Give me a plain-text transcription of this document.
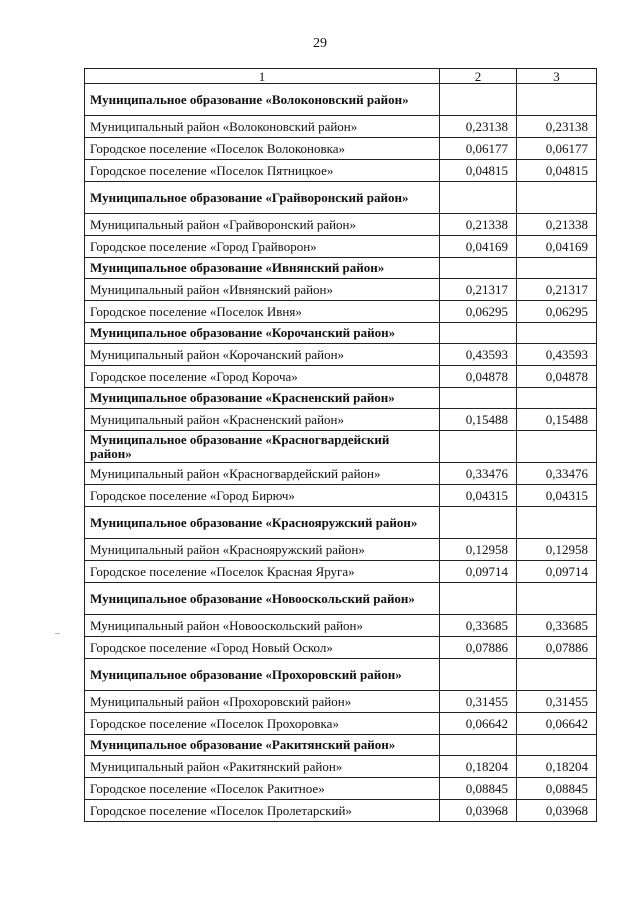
29
–
1	2	3
Муниципальное образование «Волоконовский район»		
Муниципальный район «Волоконовский район»	0,23138	0,23138
Городское поселение «Поселок Волоконовка»	0,06177	0,06177
Городское поселение «Поселок Пятницкое»	0,04815	0,04815
Муниципальное образование «Грайворонский район»		
Муниципальный район «Грайворонский район»	0,21338	0,21338
Городское поселение «Город Грайворон»	0,04169	0,04169
Муниципальное образование «Ивнянский район»		
Муниципальный район «Ивнянский район»	0,21317	0,21317
Городское поселение «Поселок Ивня»	0,06295	0,06295
Муниципальное образование «Корочанский район»		
Муниципальный район «Корочанский район»	0,43593	0,43593
Городское поселение «Город Короча»	0,04878	0,04878
Муниципальное образование «Красненский район»		
Муниципальный район «Красненский район»	0,15488	0,15488
Муниципальное образование «Красногвардейский район»		
Муниципальный район «Красногвардейский район»	0,33476	0,33476
Городское поселение «Город Бирюч»	0,04315	0,04315
Муниципальное образование «Краснояружский район»		
Муниципальный район «Краснояружский район»	0,12958	0,12958
Городское поселение «Поселок Красная Яруга»	0,09714	0,09714
Муниципальное образование «Новооскольский район»		
Муниципальный район «Новооскольский район»	0,33685	0,33685
Городское поселение «Город Новый Оскол»	0,07886	0,07886
Муниципальное образование «Прохоровский район»		
Муниципальный район «Прохоровский район»	0,31455	0,31455
Городское поселение «Поселок Прохоровка»	0,06642	0,06642
Муниципальное образование «Ракитянский район»		
Муниципальный район «Ракитянский район»	0,18204	0,18204
Городское поселение «Поселок Ракитное»	0,08845	0,08845
Городское поселение «Поселок Пролетарский»	0,03968	0,03968
